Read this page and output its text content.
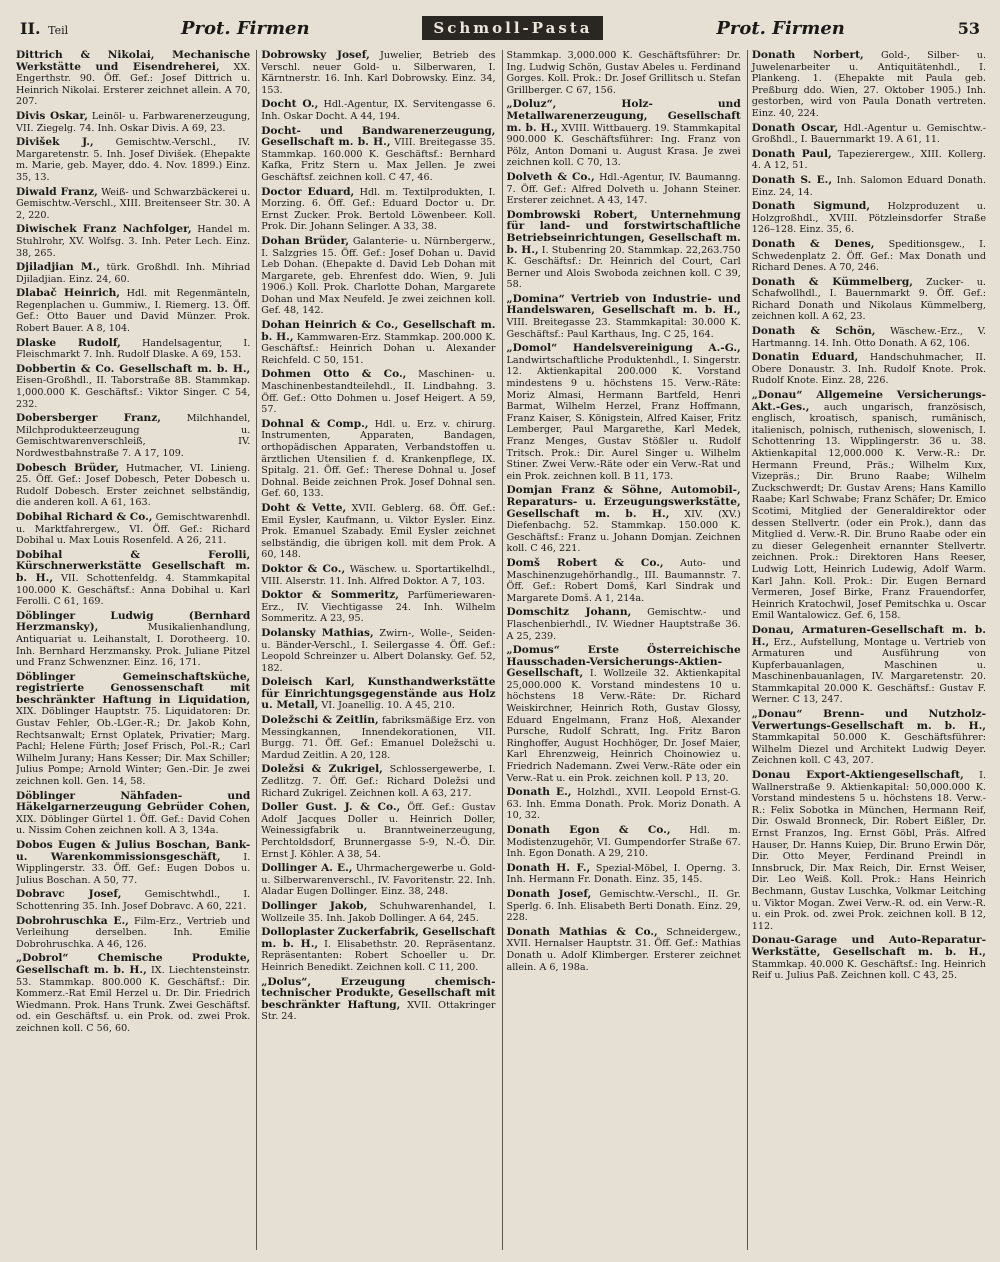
II. Teil	Prot. Firmen	Schmoll-Pasta	Prot. Firmen	53

Dittrich & Nikolai, Mechanische Werkstätte und Eisendreherei, XX. Engerthstr. 90. Öff. Gef.: Josef Dittrich u. Heinrich Nikolai. Ersterer zeichnet allein. A 70, 207.

Divis Oskar, Leinöl- u. Farbwarenerzeugung, VII. Ziegelg. 74. Inh. Oskar Divis. A 69, 23.

Divišek J., Gemischtw.-Verschl., IV. Margaretenstr. 5. Inh. Josef Divišek. (Ehepakte m. Marie, geb. Mayer, ddo. 4. Nov. 1899.) Einz. 35, 13.

Diwald Franz, Weiß- und Schwarzbäckerei u. Gemischtw.-Verschl., XIII. Breitenseer Str. 30. A 2, 220.

Diwischek Franz Nachfolger, Handel m. Stuhlrohr, XV. Wolfsg. 3. Inh. Peter Lech. Einz. 38, 265.

Djiladjian M., türk. Großhdl. Inh. Mihriad Djiladjian. Einz. 24, 60.

Dlabač Heinrich, Hdl. mit Regenmänteln, Regenplachen u. Gummiw., I. Riemerg. 13. Öff. Gef.: Otto Bauer und David Münzer. Prok. Robert Bauer. A 8, 104.

Dlaske Rudolf, Handelsagentur, I. Fleischmarkt 7. Inh. Rudolf Dlaske. A 69, 153.

Dobbertin & Co. Gesellschaft m. b. H., Eisen-Großhdl., II. Taborstraße 8B. Stammkap. 1,000.000 K. Geschäftsf.: Viktor Singer. C 54, 232.

Dobersberger Franz,	Milchhandel, Milchprodukteerzeugung u. Gemischtwarenverschleiß, IV. Nordwestbahnstraße 7. A 17, 109.

Dobesch Brüder, Hutmacher, VI. Linieng. 25. Öff. Gef.: Josef Dobesch, Peter Dobesch u. Rudolf Dobesch. Erster zeichnet selbständig, die anderen koll. A 61, 163.

Dobihal Richard & Co., Gemischtwarenhdl. u. Marktfahrergew., VI. Öff. Gef.: Richard Dobihal u. Max Louis Rosenfeld. A 26, 211.

Dobihal & Ferolli, Kürschnerwerkstätte Gesellschaft m. b. H., VII. Schottenfeldg. 4. Stammkapital 100.000 K. Geschäftsf.: Anna Dobihal u. Karl Ferolli. C 61, 169.

Döblinger Ludwig (Bernhard Herzmansky),	Musikalienhandlung, Antiquariat u. Leihanstalt, I. Dorotheerg. 10. Inh. Bernhard Herzmansky. Prok. Juliane Pitzel und Franz Schwenzner. Einz. 16, 171.

Döblinger Gemeinschaftsküche, registrierte Genossenschaft mit beschränkter Haftung in Liquidation, XIX. Döblinger Hauptstr. 75. Liquidatoren: Dr. Gustav Fehler, Ob.-LGer.-R.; Dr. Jakob Kohn, Rechtsanwalt; Ernst Oplatek, Privatier; Marg. Pachl; Helene Fürth; Josef Frisch, Pol.-R.; Carl Wilhelm Jurany; Hans Kesser; Dir. Max Schiller; Julius Pompe; Arnold Winter; Gen.-Dir. Je zwei zeichnen koll. Gen. 14, 58.

Döblinger Nähfaden- und Häkelgarnerzeugung Gebrüder Cohen, XIX. Döblinger Gürtel 1. Öff. Gef.: David Cohen u. Nissim Cohen zeichnen koll. A 3, 134a.

Dobos Eugen & Julius Boschan, Bank- u. Warenkommissionsgeschäft, I. Wipplingerstr. 33. Öff. Gef.: Eugen Dobos u. Julius Boschan. A 50, 77.

Dobravc Josef, Gemischtwhdl., I. Schottenring 35. Inh. Josef Dobravc. A 60, 221.

Dobrohruschka E., Film-Erz., Vertrieb und Verleihung derselben. Inh. Emilie Dobrohruschka. A 46, 126.

„Dobrol“ Chemische Produkte, Gesellschaft m. b. H., IX. Liechtensteinstr. 53. Stammkap. 800.000 K. Geschäftsf.: Dir. Kommerz.-Rat Emil Herzel u. Dr. Dir. Friedrich Wiedmann. Prok. Hans Trunk. Zwei Geschäftsf. od. ein Geschäftsf. u. ein Prok. od. zwei Prok. zeichnen koll. C 56, 60.

Dobrowsky Josef, Juwelier, Betrieb des Verschl. neuer Gold- u. Silberwaren, I. Kärntnerstr. 16. Inh. Karl Dobrowsky. Einz. 34, 153.

Docht O., Hdl.-Agentur, IX. Servitengasse 6. Inh. Oskar Docht. A 44, 194.

Docht- und Bandwarenerzeugung, Gesellschaft m. b. H., VIII. Breitegasse 35. Stammkap. 160.000 K. Geschäftsf.: Bernhard Kafka, Fritz Stern u. Max Jellen. Je zwei Geschäftsf. zeichnen koll. C 47, 46.

Doctor Eduard, Hdl. m. Textilprodukten, I. Morzing. 6. Öff. Gef.: Eduard Doctor u. Dr. Ernst Zucker. Prok. Bertold Löwenbeer. Koll. Prok. Dir. Johann Selinger. A 33, 38.

Dohan Brüder, Galanterie- u. Nürnbergerw., I. Salzgries 15. Öff. Gef.: Josef Dohan u. David Leb Dohan. (Ehepakte d. David Leb Dohan mit Margarete, geb. Ehrenfest ddo. Wien, 9. Juli 1906.) Koll. Prok. Charlotte Dohan, Margarete Dohan und Max Neufeld. Je zwei zeichnen koll. Gef. 48, 142.

Dohan Heinrich & Co., Gesellschaft m. b. H., Kammwaren-Erz. Stammkap. 200.000 K. Geschäftsf.: Heinrich Dohan u. Alexander Reichfeld. C 50, 151.

Dohmen Otto & Co., Maschinen- u. Maschinenbestandteilehdl., II. Lindbahng. 3. Öff. Gef.: Otto Dohmen u. Josef Heigert. A 59, 57.

Dohnal & Comp., Hdl. u. Erz. v. chirurg. Instrumenten, Apparaten, Bandagen, orthopädischen Apparaten, Verbandstoffen u. ärztlichen Utensilien f. d. Krankenpflege, IX. Spitalg. 21. Öff. Gef.: Therese Dohnal u. Josef Dohnal. Beide zeichnen Prok. Josef Dohnal sen. Gef. 60, 133.

Doht & Vette, XVII. Geblerg. 68. Öff. Gef.: Emil Eysler, Kaufmann, u. Viktor Eysler. Einz. Prok. Emanuel Szabady. Emil Eysler zeichnet selbständig, die übrigen koll. mit dem Prok. A 60, 148.

Doktor & Co., Wäschew. u. Sportartikelhdl., VIII. Alserstr. 11. Inh. Alfred Doktor. A 7, 103.

Doktor & Sommeritz, Parfümeriewaren-Erz., IV. Viechtigasse 24. Inh. Wilhelm Sommeritz. A 23, 95.

Dolansky Mathias, Zwirn-, Wolle-, Seiden- u. Bänder-Verschl., I. Seilergasse 4. Öff. Gef.: Leopold Schreinzer u. Albert Dolansky. Gef. 52, 182.

Doleisch Karl, Kunsthandwerkstätte für Einrichtungsgegenstände aus Holz u. Metall, VI. Joanellig. 10. A 45, 210.

Doležschi & Zeitlin, fabriksmäßige Erz. von Messingkannen, Innendekorationen, VII. Burgg. 71. Öff. Gef.: Emanuel Doležschi u. Mardud Zeitlin. A 20, 128.

Doležsi & Zukrigel, Schlossergewerbe, I. Zedlitzg. 7. Öff. Gef.: Richard Doležsi und Richard Zukrigel. Zeichnen koll. A 63, 217.

Doller Gust. J. & Co., Öff. Gef.: Gustav Adolf Jacques Doller u. Heinrich Doller, Weinessigfabrik u. Branntweinerzeugung, Perchtoldsdorf, Brunnergasse 5-9, N.-Ö. Dir. Ernst J. Köhler. A 38, 54.

Dollinger A. E., Uhrmachergewerbe u. Gold- u. Silberwarenverschl., IV. Favoritenstr. 22. Inh. Aladar Eugen Dollinger. Einz. 38, 248.

Dollinger Jakob, Schuhwarenhandel, I. Wollzeile 35. Inh. Jakob Dollinger. A 64, 245.

Dolloplaster Zuckerfabrik, Gesellschaft m. b. H., I. Elisabethstr. 20. Repräsentanz. Repräsentanten: Robert Schoeller u. Dr. Heinrich Benedikt. Zeichnen koll. C 11, 200.

„Dolus“, Erzeugung chemisch-technischer Produkte, Gesellschaft mit beschränkter Haftung, XVII. Ottakringer Str. 24.

Stammkap. 3,000.000 K. Geschäftsführer: Dr. Ing. Ludwig Schön, Gustav Abeles u. Ferdinand Gorges. Koll. Prok.: Dr. Josef Grillitsch u. Stefan Grillberger. C 67, 156.

„Doluz“, Holz- und Metallwarenerzeugung, Gesellschaft m. b. H., XVIII. Wittbauerg. 19. Stammkapital 900.000 K. Geschäftsführer: Ing. Franz von Pölz, Anton Domani u. August Krasa. Je zwei zeichnen koll. C 70, 13.

Dolveth & Co., Hdl.-Agentur, IV. Baumanng. 7. Öff. Gef.: Alfred Dolveth u. Johann Steiner. Ersterer zeichnet. A 43, 147.

Dombrowski Robert, Unternehmung für land- und forstwirtschaftliche Betriebseinrichtungen, Gesellschaft m. b. H., I. Stubenring 20. Stammkap. 22,263.750 K. Geschäftsf.: Dr. Heinrich del Court, Carl Berner und Alois Swoboda zeichnen koll. C 39, 58.

„Domina“ Vertrieb von Industrie- und Handelswaren, Gesellschaft m. b. H., VIII. Breitegasse 23. Stammkapital: 30.000 K. Geschäftsf.: Paul Karthaus, Ing. C 25, 164.

„Domol“ Handelsvereinigung A.-G., Landwirtschaftliche Produktenhdl., I. Singerstr. 12. Aktienkapital 200.000 K. Vorstand mindestens 9 u. höchstens 15. Verw.-Räte: Moriz Almasi, Hermann Bartfeld, Henri Barmat, Wilhelm Herzel, Franz Hoffmann, Franz Kaiser, S. Königstein, Alfred Kaiser, Fritz Lemberger, Paul Margarethe, Karl Medek, Franz Menges, Gustav Stößler u. Rudolf Tritsch. Prok.: Dir. Aurel Singer u. Wilhelm Stiner. Zwei Verw.-Räte oder ein Verw.-Rat und ein Prok. zeichnen koll. B 11, 173.

Domjan Franz & Söhne, Automobil-, Reparaturs- u. Erzeugungswerkstätte, Gesellschaft m. b. H., XIV. (XV.) Diefenbachg. 52. Stammkap. 150.000 K. Geschäftsf.: Franz u. Johann Domjan. Zeichnen koll. C 46, 221.

Domš Robert & Co., Auto- und Maschinenzugehörhandlg., III. Baumannstr. 7. Öff. Gef.: Robert Domš, Karl Sindrak und Margarete Domš. A 1, 214a.

Domschitz Johann, Gemischtw.- und Flaschenbierhdl., IV. Wiedner Hauptstraße 36. A 25, 239.

„Domus“ Erste Österreichische Hausschaden-Versicherungs-Aktien-Gesellschaft, I. Wollzeile 32. Aktienkapital 25,000.000 K. Vorstand mindestens 10 u. höchstens 18 Verw.-Räte: Dr. Richard Weiskirchner, Heinrich Roth, Gustav Glossy, Eduard Engelmann, Franz Hoß, Alexander Pursche, Rudolf Schratt, Ing. Fritz Baron Ringhoffer, August Hochhöger, Dr. Josef Maier, Karl Ehrenzweig, Heinrich Choinowiez u. Friedrich Nademann. Zwei Verw.-Räte oder ein Verw.-Rat u. ein Prok. zeichnen koll. P 13, 20.

Donath E., Holzhdl., XVII. Leopold Ernst-G. 63. Inh. Emma Donath. Prok. Moriz Donath. A 10, 32.

Donath Egon & Co., Hdl. m. Modistenzugehör, VI. Gumpendorfer Straße 67. Inh. Egon Donath. A 29, 210.

Donath H. F., Spezial-Möbel, I. Operng. 3. Inh. Hermann Fr. Donath. Einz. 35, 145.

Donath Josef, Gemischtw.-Verschl., II. Gr. Sperlg. 6. Inh. Elisabeth Berti Donath. Einz. 29, 228.

Donath Mathias & Co., Schneidergew., XVII. Hernalser Hauptstr. 31. Öff. Gef.: Mathias Donath u. Adolf Klimberger. Ersterer zeichnet allein. A 6, 198a.

Donath Norbert, Gold-, Silber- u. Juwelenarbeiter u. Antiquitätenhdl., I. Plankeng. 1. (Ehepakte mit Paula geb. Preßburg ddo. Wien, 27. Oktober 1905.) Inh. gestorben, wird von Paula Donath vertreten. Einz. 40, 224.

Donath Oscar, Hdl.-Agentur u. Gemischtw.-Großhdl., I. Bauernmarkt 19. A 61, 11.

Donath Paul, Tapezierergew., XIII. Kollerg. 4. A 12, 51.

Donath S. E., Inh. Salomon Eduard Donath. Einz. 24, 14.

Donath Sigmund, Holzproduzent u. Holzgroßhdl., XVIII. Pötzleinsdorfer Straße 126–128. Einz. 35, 6.

Donath & Denes, Speditionsgew., I. Schwedenplatz 2. Öff. Gef.: Max Donath und Richard Denes. A 70, 246.

Donath & Kümmelberg, Zucker- u. Schafwollhdl., I. Bauernmarkt 9. Öff. Gef.: Richard Donath und Nikolaus Kümmelberg, zeichnen koll. A 62, 23.

Donath & Schön, Wäschew.-Erz., V. Hartmanng. 14. Inh. Otto Donath. A 62, 106.

Donatin Eduard, Handschuhmacher, II. Obere Donaustr. 3. Inh. Rudolf Knote. Prok. Rudolf Knote. Einz. 28, 226.

„Donau“ Allgemeine Versicherungs-Akt.-Ges., auch ungarisch, französisch, englisch, kroatisch, spanisch, rumänisch, italienisch, polnisch, ruthenisch, slowenisch, I. Schottenring 13. Wipplingerstr. 36 u. 38. Aktienkapital 12,000.000 K. Verw.-R.: Dr. Hermann Freund, Präs.; Wilhelm Kux, Vizepräs.; Dir. Bruno Raabe; Wilhelm Zuckschwerdt; Dr. Gustav Arens; Hans Kamillo Raabe; Karl Schwabe; Franz Schäfer; Dr. Emico Scotimi, Mitglied der Generaldirektor oder dessen Stellvertr. (oder ein Prok.), dann das Mitglied d. Verw.-R. Dir. Bruno Raabe oder ein zu dieser Gelegenheit ernannter Stellvertr. zeichnen. Prok.: Direktoren Hans Reeser, Ludwig Lott, Heinrich Ludewig, Adolf Warm. Karl Jahn. Koll. Prok.: Dir. Eugen Bernard Vermeren, Josef Birke, Franz Frauendorfer, Heinrich Kratochwil, Josef Pemitschka u. Oscar Emil Wantalowicz. Gef. 6, 158.

Donau, Armaturen-Gesellschaft m. b. H., Erz., Aufstellung, Montage u. Vertrieb von Armaturen und Ausführung von Kupferbauanlagen, Maschinen u. Maschinenbauanlagen, IV. Margaretenstr. 20. Stammkapital 20.000 K. Geschäftsf.: Gustav F. Werner. C 13, 247.

„Donau“ Brenn- und Nutzholz-Verwertungs-Gesellschaft m. b. H., Stammkapital 50.000 K. Geschäftsführer: Wilhelm Diezel und Architekt Ludwig Deyer. Zeichnen koll. C 43, 207.

Donau Export-Aktiengesellschaft, I. Wallnerstraße 9. Aktienkapital: 50,000.000 K. Vorstand mindestens 5 u. höchstens 18. Verw.-R.: Felix Sobotka in München, Hermann Reif, Dir. Oswald Bronneck, Dir. Robert Eißler, Dr. Ernst Franzos, Ing. Ernst Göbl, Präs. Alfred Hauser, Dr. Hanns Kuiep, Dir. Bruno Erwin Dör, Dir. Otto Meyer, Ferdinand Preindl in Innsbruck, Dir. Max Reich, Dir. Ernst Weiser, Dir. Leo Weiß. Koll. Prok.: Hans Heinrich Bechmann, Gustav Luschka, Volkmar Leitching u. Viktor Mogan. Zwei Verw.-R. od. ein Verw.-R. u. ein Prok. od. zwei Prok. zeichnen koll. B 12, 112.

Donau-Garage und Auto-Reparatur-Werkstätte, Gesellschaft m. b. H., Stammkap. 40.000 K. Geschäftsf.: Ing. Heinrich Reif u. Julius Paß. Zeichnen koll. C 43, 25.
